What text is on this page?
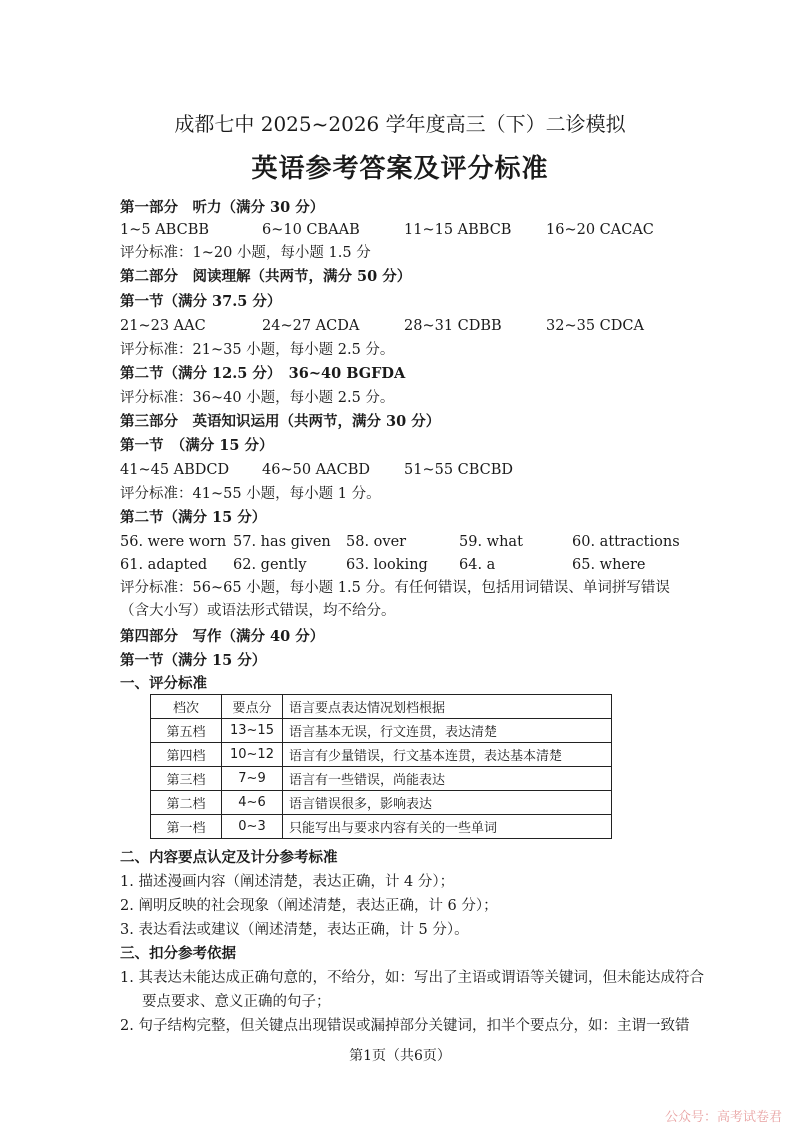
成都七中 2025~2026 学年度高三（下）二诊模拟
英语参考答案及评分标准
第一部分　听力（满分 30 分）
1~5 ABCBB	6~10 CBAAB	11~15 ABBCB 16~20 CACAC
评分标准：1~20 小题，每小题 1.5 分
第二部分　阅读理解（共两节，满分 50 分）
第一节（满分 37.5 分）
21~23 AAC	24~27 ACDA	28~31 CDBB	32~35 CDCA
评分标准：21~35 小题，每小题 2.5 分。
第二节（满分 12.5 分）　36~40 BGFDA
评分标准：36~40 小题，每小题 2.5 分。
第三部分　英语知识运用（共两节，满分 30 分）
第一节　（满分 15 分）
41~45 ABDCD 46~50 AACBD 51~55 CBCBD
评分标准：41~55 小题，每小题 1 分。
第二节（满分 15 分）
56. were worn 57. has given 58. over	59. what	60. attractions
61. adapted 62. gently	63. looking 64. a	65. where
评分标准：56~65 小题，每小题 1.5 分。有任何错误，包括用词错误、单词拼写错误（含大小写）或语法形式错误，均不给分。
第四部分　写作（满分 40 分）
第一节（满分 15 分）
一、评分标准
档次	要点分	语言要点表达情况划档根据
第五档	13~15	语言基本无误，行文连贯，表达清楚
第四档	10~12	语言有少量错误，行文基本连贯，表达基本清楚
第三档	7~9	语言有一些错误，尚能表达
第二档	4~6	语言错误很多，影响表达
第一档	0~3	只能写出与要求内容有关的一些单词
二、内容要点认定及计分参考标准
1. 描述漫画内容（阐述清楚，表达正确，计 4 分）；
2. 阐明反映的社会现象（阐述清楚，表达正确，计 6 分）；
3. 表达看法或建议（阐述清楚，表达正确，计 5 分）。
三、扣分参考依据
1. 其表达未能达成正确句意的，不给分，如：写出了主语或谓语等关键词，但未能达成符合
要点要求、意义正确的句子；
2. 句子结构完整，但关键点出现错误或漏掉部分关键词，扣半个要点分，如：主谓一致错
第1页（共6页）
公众号：高考试卷君
